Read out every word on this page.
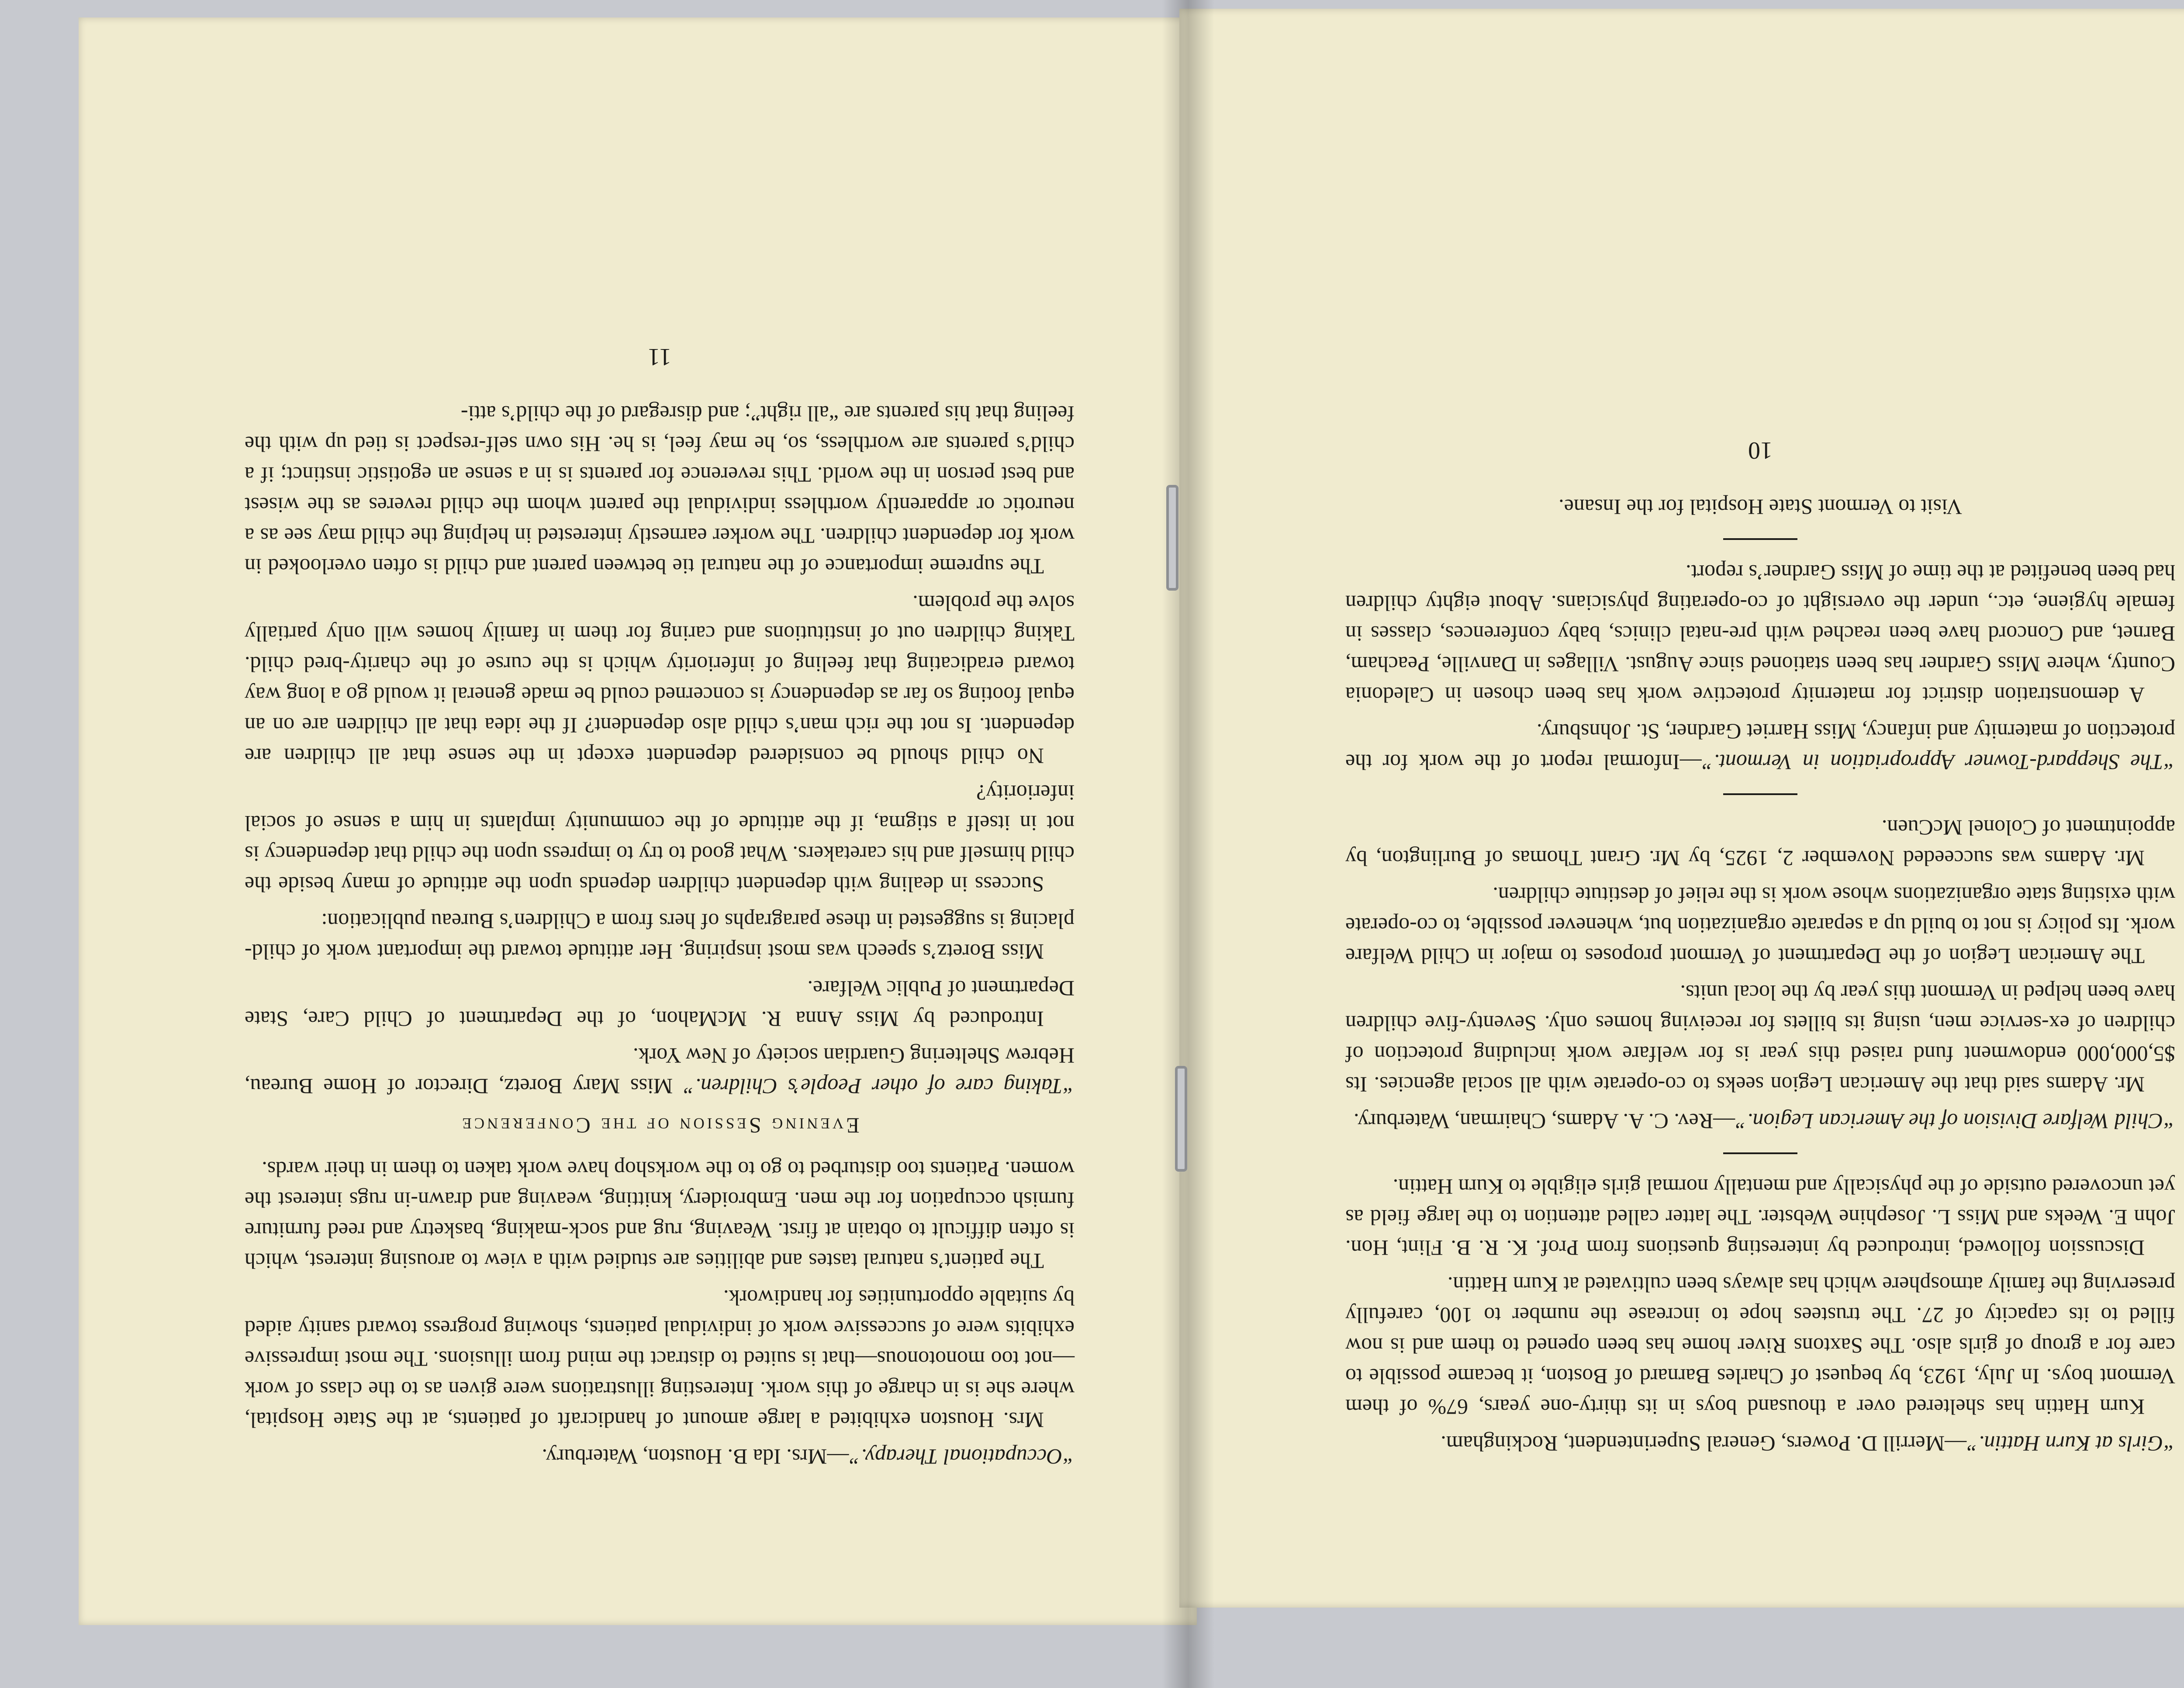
“Occupational Therapy.”—Mrs. Ida B. Houston, Waterbury.

Mrs. Houston exhibited a large amount of handicraft of patients, at the State Hospital, where she is in charge of this work. Interesting illustrations were given as to the class of work—not too monotonous—that is suited to distract the mind from illusions. The most impressive exhibits were of successive work of individual patients, showing progress toward sanity aided by suitable opportunities for handiwork.

The patient’s natural tastes and abilities are studied with a view to arousing interest, which is often difficult to obtain at first. Weaving, rug and sock-making, basketry and reed furniture furnish occupation for the men. Embroidery, knitting, weaving and drawn-in rugs interest the women. Patients too disturbed to go to the workshop have work taken to them in their wards.

Evening Session of the Conference

“Taking care of other People’s Children.” Miss Mary Boretz, Director of Home Bureau, Hebrew Sheltering Guardian society of New York.

Introduced by Miss Anna R. McMahon, of the Department of Child Care, State Department of Public Welfare.

Miss Boretz’s speech was most inspiring. Her attitude toward the important work of child-placing is suggested in these paragraphs of hers from a Children’s Bureau publication:

Success in dealing with dependent children depends upon the attitude of many beside the child himself and his caretakers. What good to try to impress upon the child that dependency is not in itself a stigma, if the attitude of the community implants in him a sense of social inferiority?

No child should be considered dependent except in the sense that all children are dependent. Is not the rich man’s child also dependent? If the idea that all children are on an equal footing so far as dependency is concerned could be made general it would go a long way toward eradicating that feeling of inferiority which is the curse of the charity-bred child. Taking children out of institutions and caring for them in family homes will only partially solve the problem.

The supreme importance of the natural tie between parent and child is often overlooked in work for dependent children. The worker earnestly interested in helping the child may see as a neurotic or apparently worthless individual the parent whom the child reveres as the wisest and best person in the world. This reverence for parents is in a sense an egotistic instinct; if a child’s parents are worthless, so, he may feel, is he. His own self-respect is tied up with the feeling that his parents are “all right”; and disregard of the child’s atti-

11

“Girls at Kurn Hattin.”—Merrill D. Powers, General Superintendent, Rockingham.

Kurn Hattin has sheltered over a thousand boys in its thirty-one years, 67% of them Vermont boys. In July, 1923, by bequest of Charles Barnard of Boston, it became possible to care for a group of girls also. The Saxtons River home has been opened to them and is now filled to its capacity of 27. The trustees hope to increase the number to 100, carefully preserving the family atmosphere which has always been cultivated at Kurn Hattin.

Discussion followed, introduced by interesting questions from Prof. K. R. B. Flint, Hon. John E. Weeks and Miss L. Josephine Webster. The latter called attention to the large field as yet uncovered outside of the physically and mentally normal girls eligible to Kurn Hattin.

“Child Welfare Division of the American Legion.”—Rev. C. A. Adams, Chairman, Waterbury.

Mr. Adams said that the American Legion seeks to co-operate with all social agencies. Its $5,000,000 endowment fund raised this year is for welfare work including protection of children of ex-service men, using its billets for receiving homes only. Seventy-five children have been helped in Vermont this year by the local units.

The American Legion of the Department of Vermont proposes to major in Child Welfare work. Its policy is not to build up a separate organization but, whenever possible, to co-operate with existing state organizations whose work is the relief of destitute children.

Mr. Adams was succeeded November 2, 1925, by Mr. Grant Thomas of Burlington, by appointment of Colonel McCuen.

“The Sheppard-Towner Appropriation in Vermont.”—Informal report of the work for the protection of maternity and infancy, Miss Harriet Gardner, St. Johnsbury.

A demonstration district for maternity protective work has been chosen in Caledonia County, where Miss Gardner has been stationed since August. Villages in Danville, Peacham, Barnet, and Concord have been reached with pre-natal clinics, baby conferences, classes in female hygiene, etc., under the oversight of co-operating physicians. About eighty children had been benefited at the time of Miss Gardner’s report.

Visit to Vermont State Hospital for the Insane.
10
